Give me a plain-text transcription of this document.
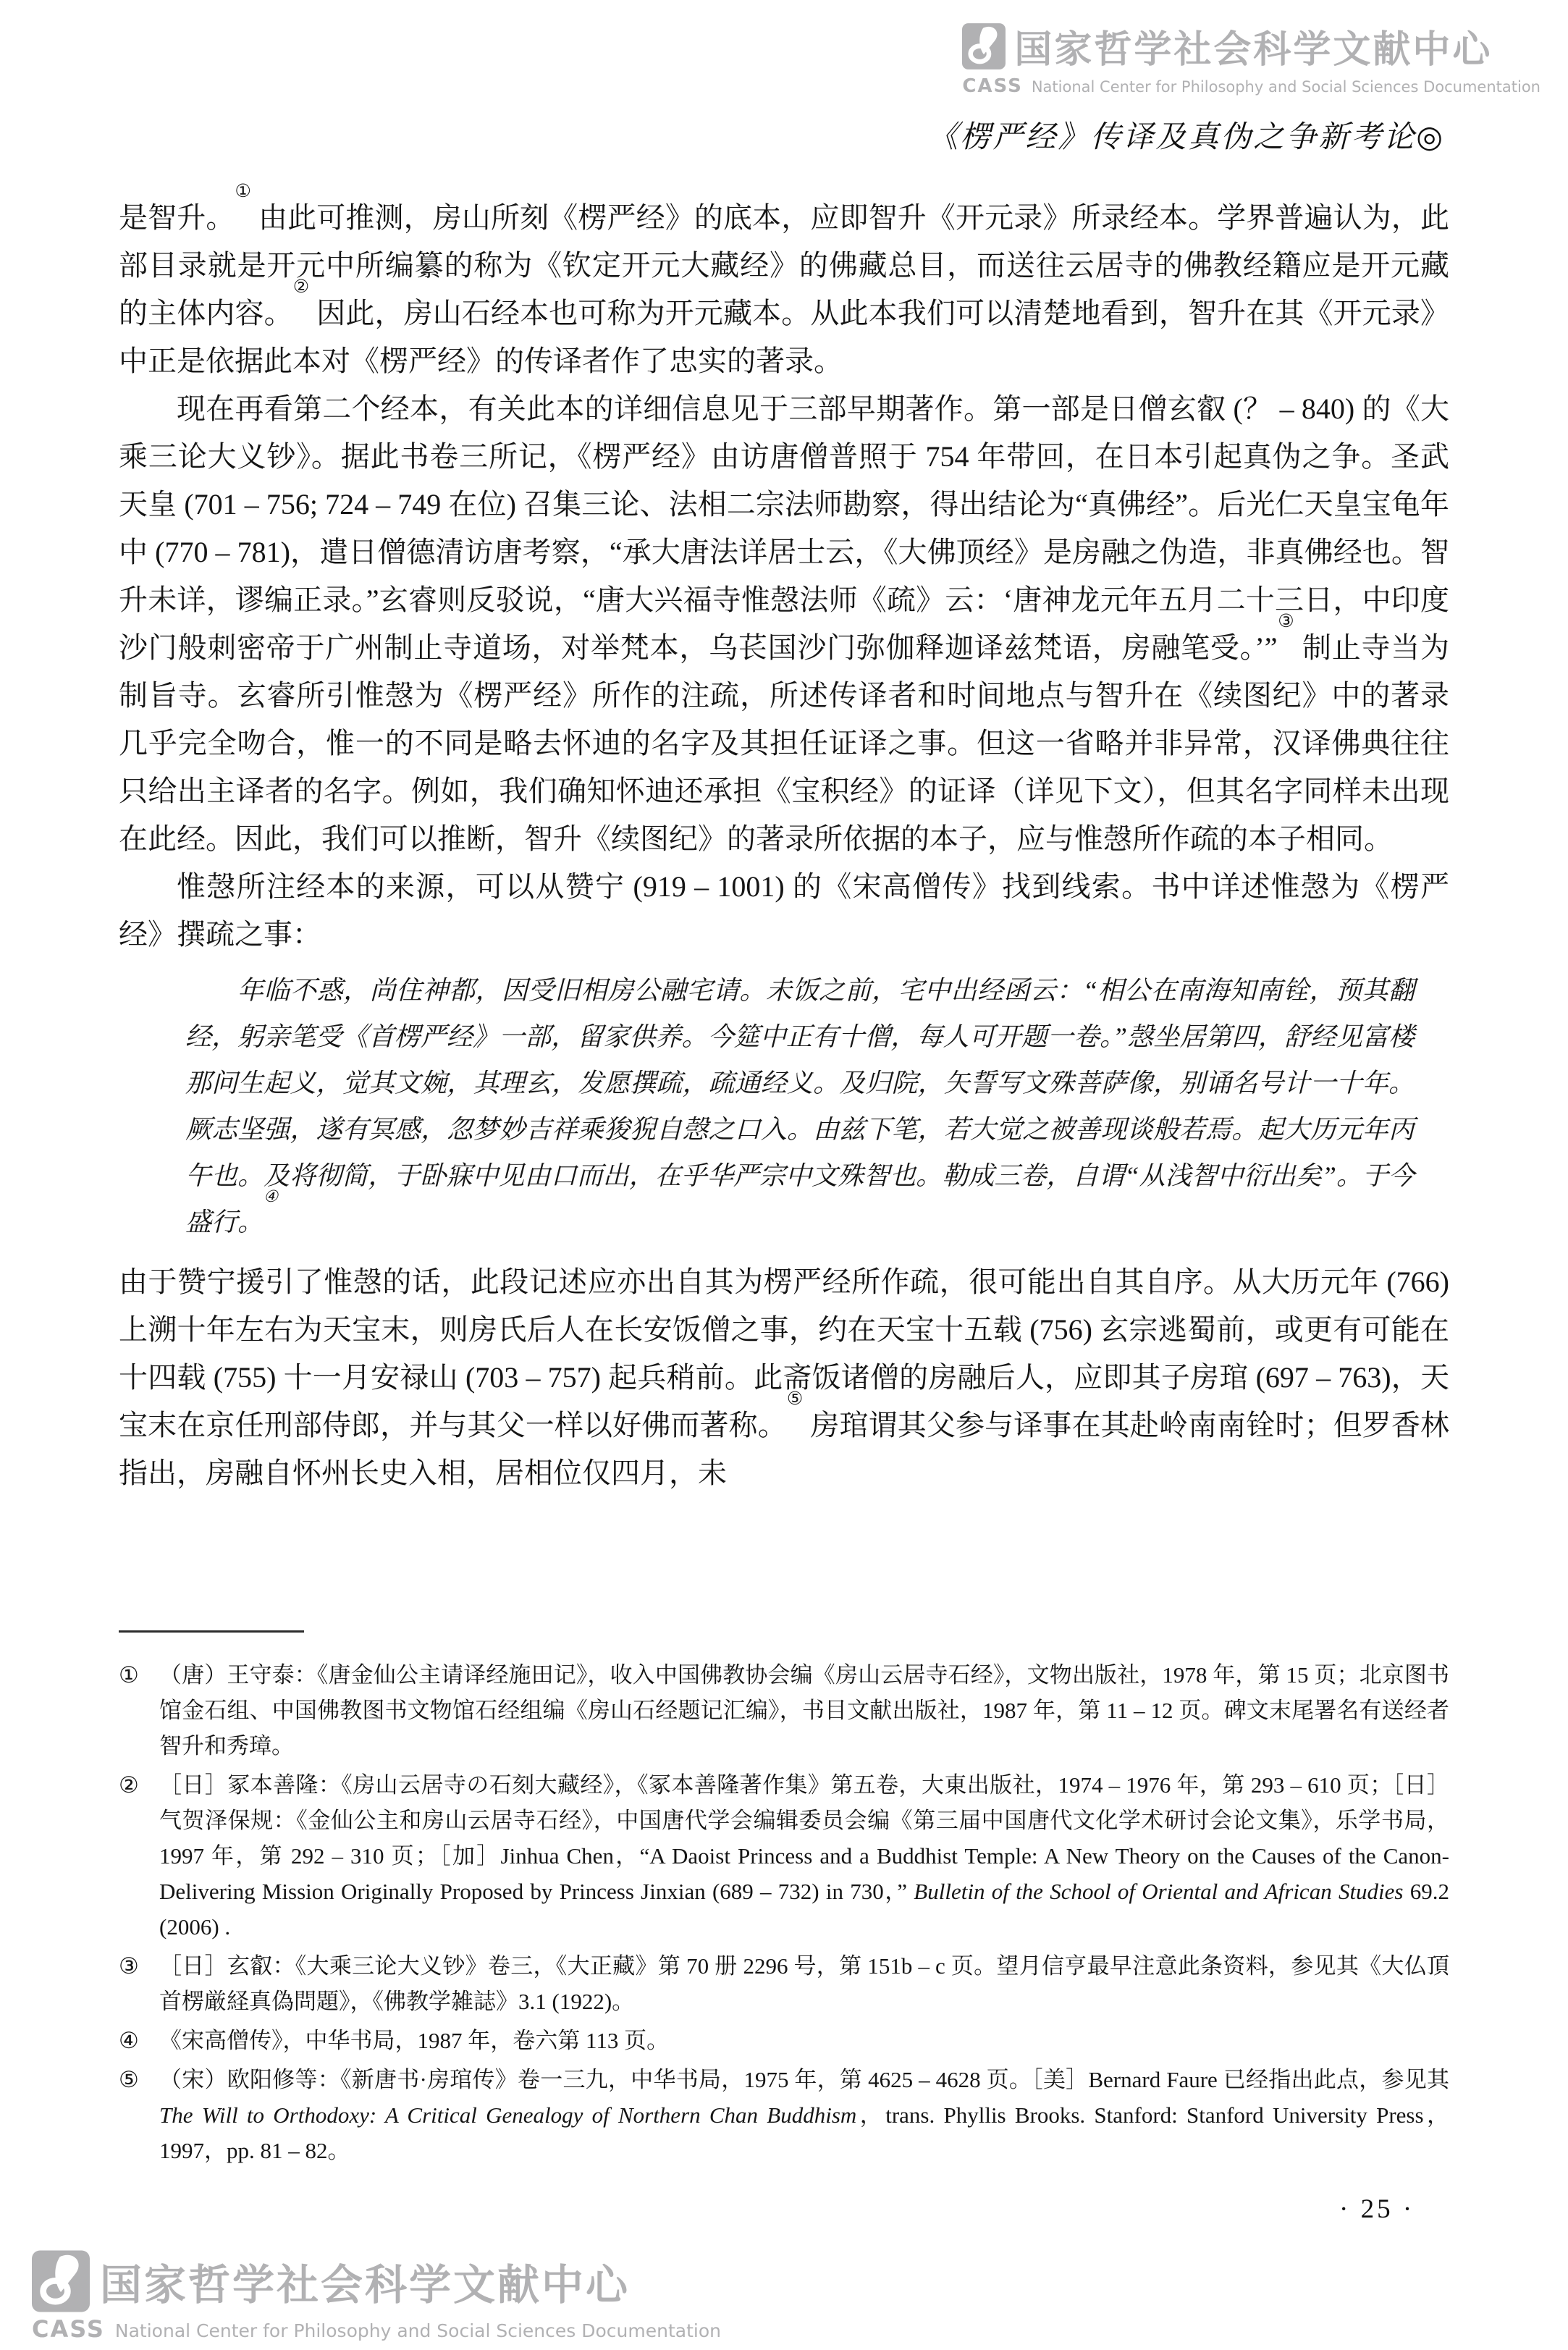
国家哲学社会科学文献中心
CASS National Center for Philosophy and Social Sciences Documentation
《楞严经》传译及真伪之争新考论◎

是智升。① 由此可推测，房山所刻《楞严经》的底本，应即智升《开元录》所录经本。学界普遍认为，此部目录就是开元中所编纂的称为《钦定开元大藏经》的佛藏总目，而送往云居寺的佛教经籍应是开元藏的主体内容。② 因此，房山石经本也可称为开元藏本。从此本我们可以清楚地看到，智升在其《开元录》中正是依据此本对《楞严经》的传译者作了忠实的著录。

现在再看第二个经本，有关此本的详细信息见于三部早期著作。第一部是日僧玄叡 (？ – 840) 的《大乘三论大义钞》。据此书卷三所记，《楞严经》由访唐僧普照于 754 年带回，在日本引起真伪之争。圣武天皇 (701 – 756; 724 – 749 在位) 召集三论、法相二宗法师勘察，得出结论为“真佛经”。后光仁天皇宝龟年中 (770 – 781)，遣日僧德清访唐考察，“承大唐法详居士云，《大佛顶经》是房融之伪造，非真佛经也。智升未详，谬编正录。”玄睿则反驳说，“唐大兴福寺惟愨法师《疏》云：‘唐神龙元年五月二十三日，中印度沙门般刺密帝于广州制止寺道场，对举梵本，乌苌国沙门弥伽释迦译兹梵语，房融笔受。’”③ 制止寺当为制旨寺。玄睿所引惟愨为《楞严经》所作的注疏，所述传译者和时间地点与智升在《续图纪》中的著录几乎完全吻合，惟一的不同是略去怀迪的名字及其担任证译之事。但这一省略并非异常，汉译佛典往往只给出主译者的名字。例如，我们确知怀迪还承担《宝积经》的证译（详见下文），但其名字同样未出现在此经。因此，我们可以推断，智升《续图纪》的著录所依据的本子，应与惟愨所作疏的本子相同。

惟愨所注经本的来源，可以从赞宁 (919 – 1001) 的《宋高僧传》找到线索。书中详述惟愨为《楞严经》撰疏之事：

年临不惑，尚住神都，因受旧相房公融宅请。未饭之前，宅中出经函云：“相公在南海知南铨，预其翻经，躬亲笔受《首楞严经》一部，留家供养。今筵中正有十僧，每人可开题一卷。”愨坐居第四，舒经见富楼那问生起义，觉其文婉，其理玄，发愿撰疏，疏通经义。及归院，矢誓写文殊菩萨像，别诵名号计一十年。厥志坚强，遂有冥感，忽梦妙吉祥乘狻猊自愨之口入。由兹下笔，若大觉之被善现谈般若焉。起大历元年丙午也。及将彻简，于卧寐中见由口而出，在乎华严宗中文殊智也。勒成三卷，自谓“从浅智中衍出矣”。于今盛行。④

由于赞宁援引了惟愨的话，此段记述应亦出自其为楞严经所作疏，很可能出自其自序。从大历元年 (766) 上溯十年左右为天宝末，则房氏后人在长安饭僧之事，约在天宝十五载 (756) 玄宗逃蜀前，或更有可能在十四载 (755) 十一月安禄山 (703 – 757) 起兵稍前。此斋饭诸僧的房融后人，应即其子房琯 (697 – 763)，天宝末在京任刑部侍郎，并与其父一样以好佛而著称。⑤ 房琯谓其父参与译事在其赴岭南南铨时；但罗香林指出，房融自怀州长史入相，居相位仅四月，未

① （唐）王守泰：《唐金仙公主请译经施田记》，收入中国佛教协会编《房山云居寺石经》，文物出版社，1978 年，第 15 页；北京图书馆金石组、中国佛教图书文物馆石经组编《房山石经题记汇编》，书目文献出版社，1987 年，第 11 – 12 页。碑文末尾署名有送经者智升和秀璋。
② ［日］冢本善隆：《房山云居寺の石刻大藏经》，《冢本善隆著作集》第五卷，大東出版社，1974 – 1976 年，第 293 – 610 页；［日］气贺泽保规：《金仙公主和房山云居寺石经》，中国唐代学会编辑委员会编《第三届中国唐代文化学术研讨会论文集》，乐学书局，1997 年，第 292 – 310 页；［加］Jinhua Chen，“A Daoist Princess and a Buddhist Temple: A New Theory on the Causes of the Canon-Delivering Mission Originally Proposed by Princess Jinxian (689 – 732) in 730，” Bulletin of the School of Oriental and African Studies 69.2 (2006) .
③ ［日］玄叡：《大乘三论大义钞》卷三，《大正藏》第 70 册 2296 号，第 151b – c 页。望月信亨最早注意此条资料，参见其《大仏頂首楞厳経真偽問題》，《佛教学雑誌》3.1 (1922)。
④ 《宋高僧传》，中华书局，1987 年，卷六第 113 页。
⑤ （宋）欧阳修等：《新唐书·房琯传》卷一三九，中华书局，1975 年，第 4625 – 4628 页。［美］Bernard Faure 已经指出此点，参见其 The Will to Orthodoxy: A Critical Genealogy of Northern Chan Buddhism，trans. Phyllis Brooks. Stanford: Stanford University Press，1997，pp. 81 – 82。
· 25 ·
国家哲学社会科学文献中心
CASS National Center for Philosophy and Social Sciences Documentation
